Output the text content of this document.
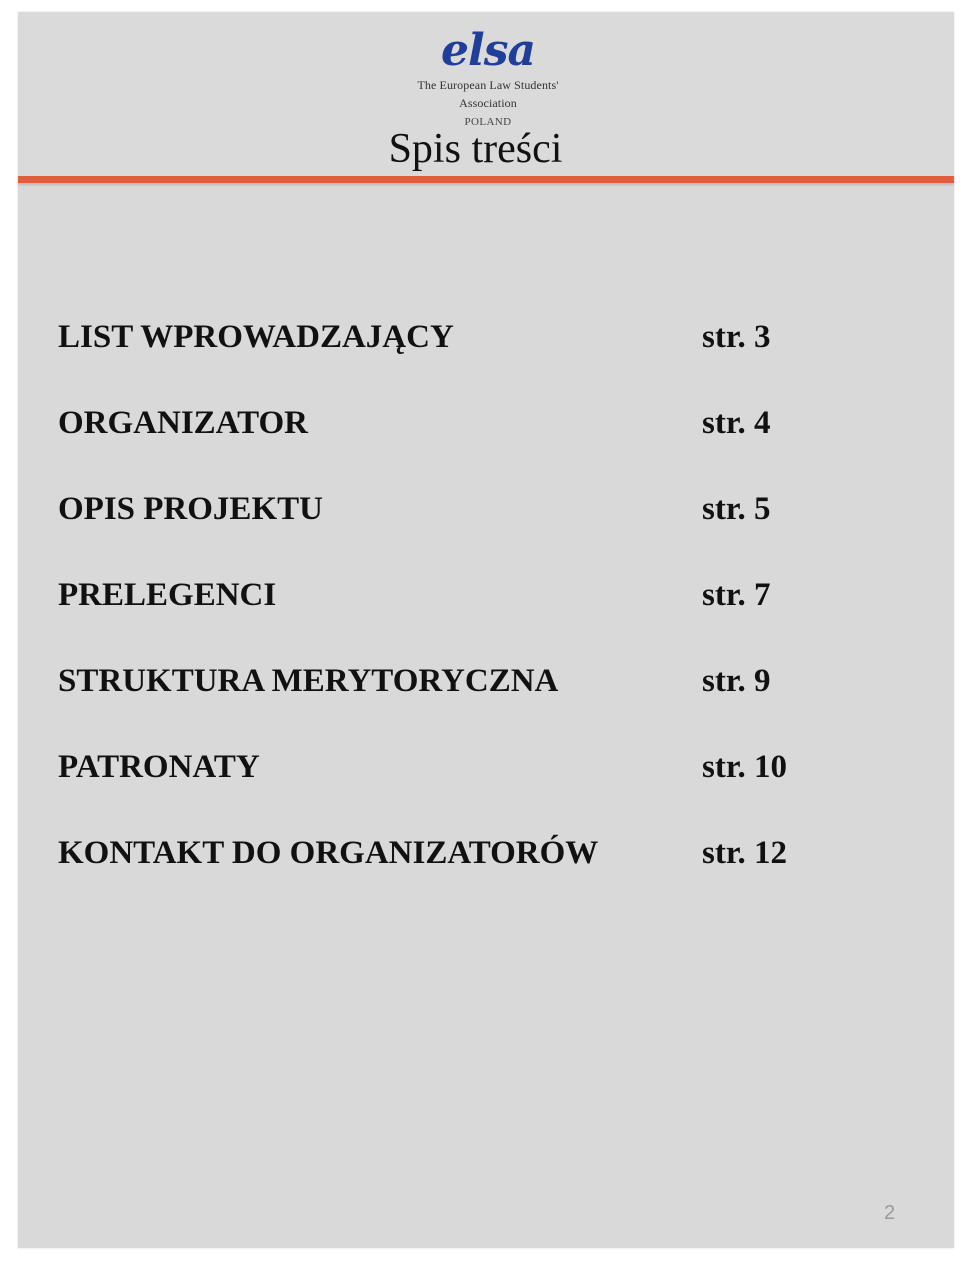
elsa
The European Law Students' Association
POLAND
Spis treści
LIST WPROWADZAJĄCY	str. 3
ORGANIZATOR	str. 4
OPIS PROJEKTU	str. 5
PRELEGENCI	str. 7
STRUKTURA MERYTORYCZNA	str. 9
PATRONATY	str. 10
KONTAKT DO ORGANIZATORÓW	str. 12
2
